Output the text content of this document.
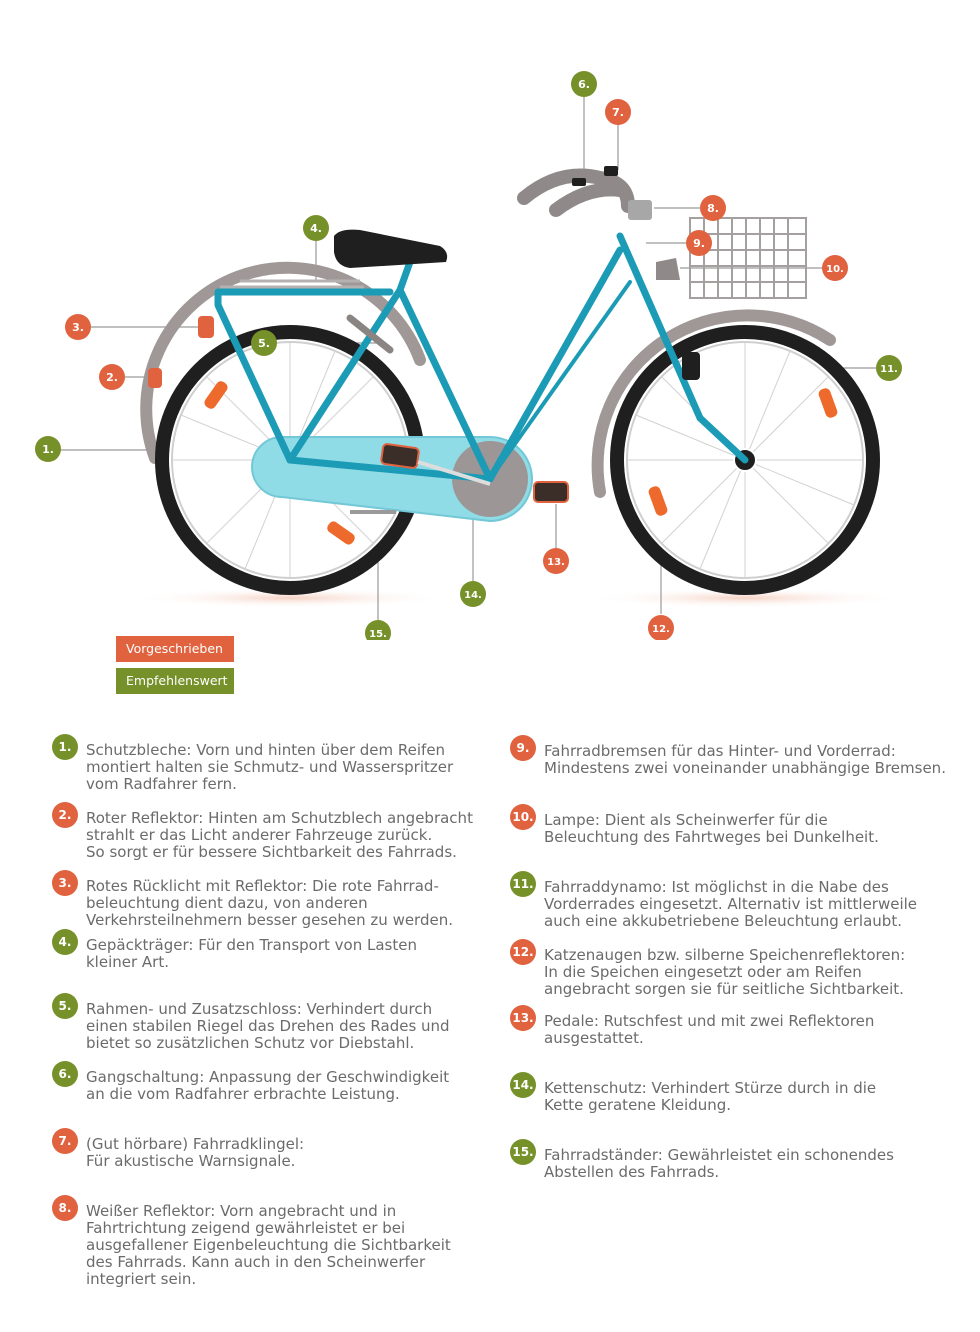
1.
2.
3.
4.
5.
6.
7.
8.
9.
10.
11.
12.
13.
14.
15.
Vorgeschrieben
Empfehlenswert
1. Schutzbleche: Vorn und hinten über dem Reifen
montiert halten sie Schmutz- und Wasserspritzer
vom Radfahrer fern.
2. Roter Reflektor: Hinten am Schutzblech angebracht
strahlt er das Licht anderer Fahrzeuge zurück.
So sorgt er für bessere Sichtbarkeit des Fahrrads.
3. Rotes Rücklicht mit Reflektor: Die rote Fahrrad-
beleuchtung dient dazu, von anderen
Verkehrsteilnehmern besser gesehen zu werden.
4. Gepäckträger: Für den Transport von Lasten
kleiner Art.
5. Rahmen- und Zusatzschloss: Verhindert durch
einen stabilen Riegel das Drehen des Rades und
bietet so zusätzlichen Schutz vor Diebstahl.
6. Gangschaltung: Anpassung der Geschwindigkeit
an die vom Radfahrer erbrachte Leistung.
7. (Gut hörbare) Fahrradklingel:
Für akustische Warnsignale.
8. Weißer Reflektor: Vorn angebracht und in
Fahrtrichtung zeigend gewährleistet er bei
ausgefallener Eigenbeleuchtung die Sichtbarkeit
des Fahrrads. Kann auch in den Scheinwerfer
integriert sein.
9. Fahrradbremsen für das Hinter- und Vorderrad:
Mindestens zwei voneinander unabhängige Bremsen.
10. Lampe: Dient als Scheinwerfer für die
Beleuchtung des Fahrtweges bei Dunkelheit.
11. Fahrraddynamo: Ist möglichst in die Nabe des
Vorderrades eingesetzt. Alternativ ist mittlerweile
auch eine akkubetriebene Beleuchtung erlaubt.
12. Katzenaugen bzw. silberne Speichenreflektoren:
In die Speichen eingesetzt oder am Reifen
angebracht sorgen sie für seitliche Sichtbarkeit.
13. Pedale: Rutschfest und mit zwei Reflektoren
ausgestattet.
14. Kettenschutz: Verhindert Stürze durch in die
Kette geratene Kleidung.
15. Fahrradständer: Gewährleistet ein schonendes
Abstellen des Fahrrads.
